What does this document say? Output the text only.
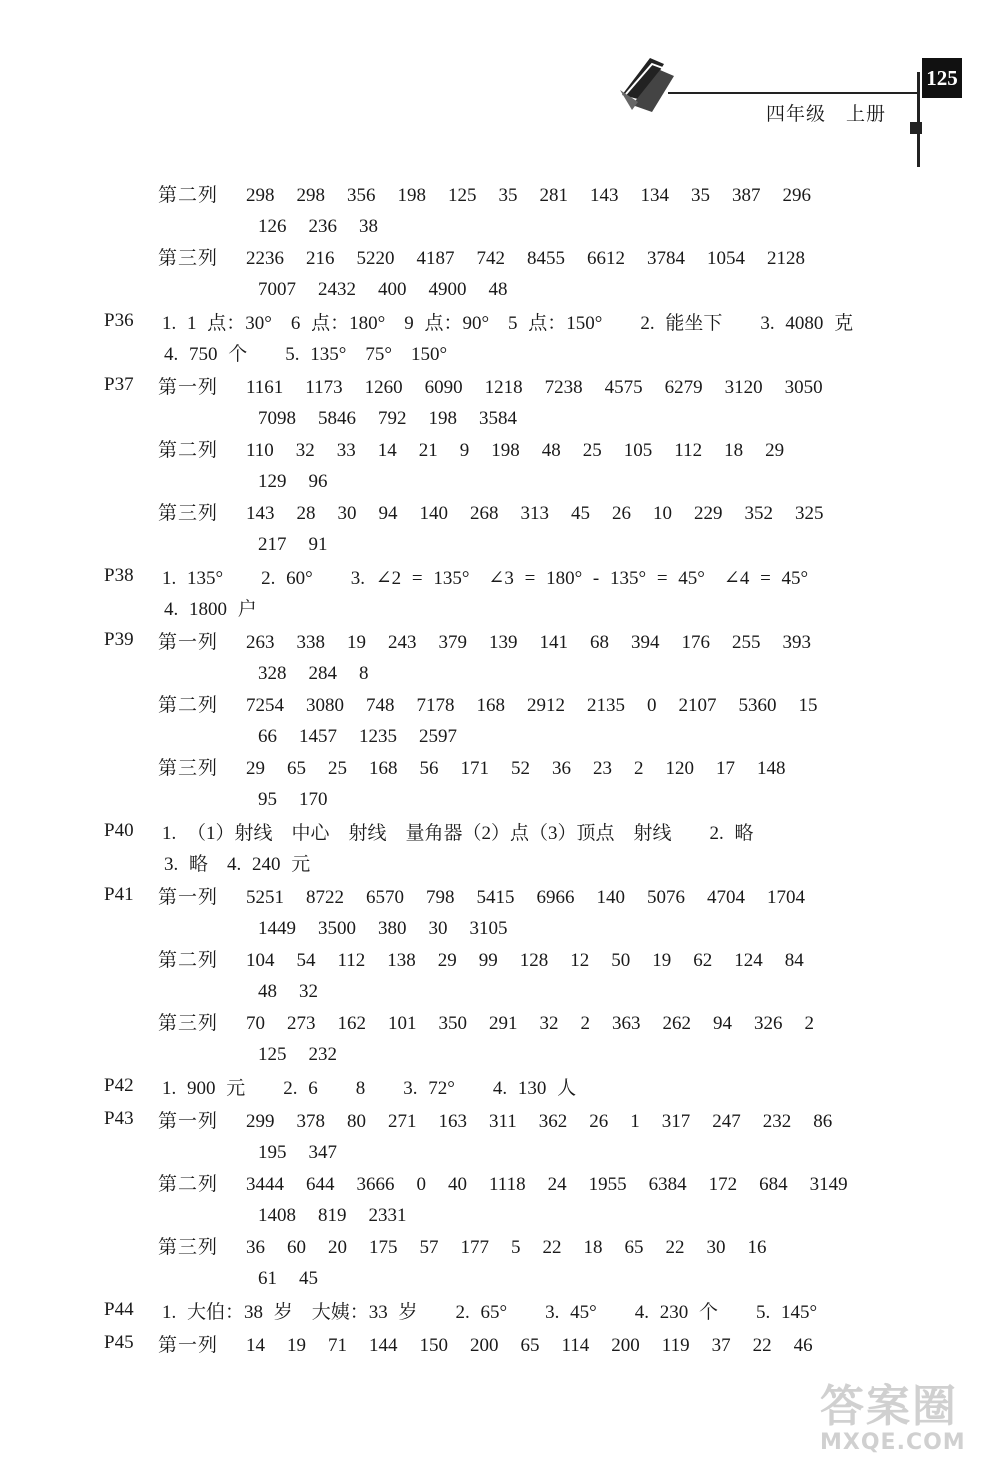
125
四年级　上册
第二列	298 298 356 198 125 35 281 143 134 35 387 296
126 236 38
第三列	2236 216 5220 4187 742 8455 6612 3784 1054 2128
7007 2432 400 4900 48
P36 1. 1 点：30°　6 点：180°　9 点：90°　5 点：150°　　2. 能坐下　　3. 4080 克
4. 750 个　　5. 135°　75°　150°
P37 第一列	1161 1173 1260 6090 1218 7238 4575 6279 3120 3050
7098 5846 792 198 3584
第二列	110 32 33 14 21 9 198 48 25 105 112 18 29
129 96
第三列	143 28 30 94 140 268 313 45 26 10 229 352 325
217 91
P38 1. 135°　　2. 60°　　3. ∠2 = 135°　∠3 = 180° - 135° = 45°　∠4 = 45°
4. 1800 户
P39 第一列	263 338 19 243 379 139 141 68 394 176 255 393
328 284 8
第二列	7254 3080 748 7178 168 2912 2135 0 2107 5360 15
66 1457 1235 2597
第三列	29 65 25 168 56 171 52 36 23 2 120 17 148
95 170
P40 1. （1）射线　中心　射线　量角器（2）点（3）顶点　射线　　2. 略
3. 略　4. 240 元
P41 第一列	5251 8722 6570 798 5415 6966 140 5076 4704 1704
1449 3500 380 30 3105
第二列	104 54 112 138 29 99 128 12 50 19 62 124 84
48 32
第三列	70 273 162 101 350 291 32 2 363 262 94 326 2
125 232
P42 1. 900 元　　2. 6　　8　　3. 72°　　4. 130 人
P43 第一列	299 378 80 271 163 311 362 26 1 317 247 232 86
195 347
第二列	3444 644 3666 0 40 1118 24 1955 6384 172 684 3149
1408 819 2331
第三列	36 60 20 175 57 177 5 22 18 65 22 30 16
61 45
P44 1. 大伯：38 岁　大姨：33 岁　　2. 65°　　3. 45°　　4. 230 个　　5. 145°
P45 第一列	14 19 71 144 150 200 65 114 200 119 37 22 46
答案圈
MXQE.COM
